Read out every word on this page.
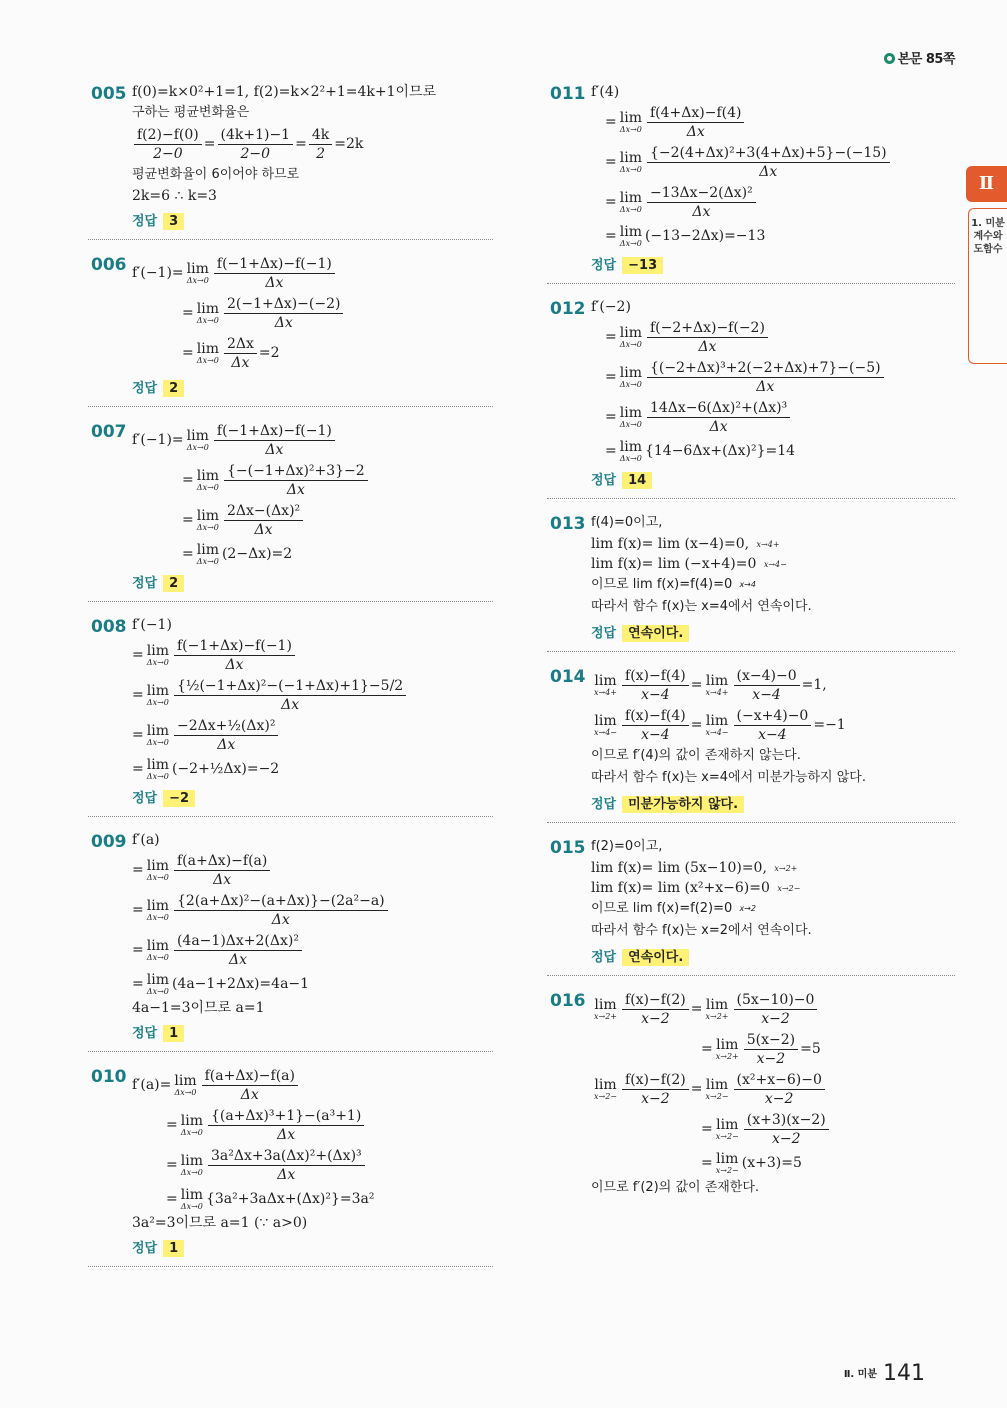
본문 85쪽
Ⅱ
1. 미분계수와 도함수
005 f(0)=k×0²+1=1, f(2)=k×2²+1=4k+1이므로
구하는 평균변화율은
$\frac{f(2)-f(0)}{2-0} = \frac{(4k+1)-1}{2-0} = \frac{4k}{2} =2k$
평균변화율이 6이어야 하므로
2k=6 ∴ k=3
정답 3
006 f′(−1)= lim
$\Delta x\to 0 \frac{f(-1+\Delta x)-f(-1)}{\Delta x}$
= lim
$\Delta x\to 0 \frac{2(-1+\Delta x)-(-2)}{\Delta x}$
= lim
$\Delta x\to 0 \frac{2\Delta x}{\Delta x} =2$
정답 2
007 f′(−1)= lim
$\Delta x\to 0 \frac{f(-1+\Delta x)-f(-1)}{\Delta x}$
= lim
$\Delta x\to 0 \frac{\text{\{−(−1+Δx)²+3\}−2}}{\Delta x}$
= lim
$\Delta x\to 0 \frac{\text{2Δx−(Δx)²}}{\Delta x}$
= lim
Δx→0 (2−Δx)=2
정답 2
008 f′(−1)
= lim
$\Delta x\to 0 \frac{f(-1+\Delta x)-f(-1)}{\Delta x}$
= lim
$\Delta x\to 0 \frac{\text{\{½(−1+Δx)²−(−1+Δx)+1\}−5/2}}{\Delta x}$
= lim
$\Delta x\to 0 \frac{\text{−2Δx+½(Δx)²}}{\Delta x}$
= lim
Δx→0 (−2+½Δx)=−2
정답 −2
009 f′(a)
= lim
$\Delta x\to 0 \frac{f(a+\Delta x)-f(a)}{\Delta x}$
= lim
$\Delta x\to 0 \frac{\text{\{2(a+Δx)²−(a+Δx)\}−(2a²−a)}}{\Delta x}$
= lim
$\Delta x\to 0 \frac{\text{(4a−1)Δx+2(Δx)²}}{\Delta x}$
= lim
Δx→0 (4a−1+2Δx)=4a−1
4a−1=3이므로 a=1
정답 1
010 f′(a)= lim
$\Delta x\to 0 \frac{f(a+\Delta x)-f(a)}{\Delta x}$
= lim
$\Delta x\to 0 \frac{\text{\{(a+Δx)³+1\}−(a³+1)}}{\Delta x}$
= lim
$\Delta x\to 0 \frac{\text{3a²Δx+3a(Δx)²+(Δx)³}}{\Delta x}$
= lim
Δx→0 {3a²+3aΔx+(Δx)²}=3a²
3a²=3이므로 a=1 (∵ a>0)
정답 1
011 f′(4)
= lim
$\Delta x\to 0 \frac{f(4+\Delta x)-f(4)}{\Delta x}$
= lim
$\Delta x\to 0 \frac{\text{\{−2(4+Δx)²+3(4+Δx)+5\}−(−15)}}{\Delta x}$
= lim
$\Delta x\to 0 \frac{\text{−13Δx−2(Δx)²}}{\Delta x}$
= lim
Δx→0 (−13−2Δx)=−13
정답 −13
012 f′(−2)
= lim
$\Delta x\to 0 \frac{f(-2+\Delta x)-f(-2)}{\Delta x}$
= lim
$\Delta x\to 0 \frac{\text{\{(−2+Δx)³+2(−2+Δx)+7\}−(−5)}}{\Delta x}$
= lim
$\Delta x\to 0 \frac{\text{14Δx−6(Δx)²+(Δx)³}}{\Delta x}$
= lim
Δx→0 {14−6Δx+(Δx)²}=14
정답 14
013 f(4)=0이고,
lim f(x)= lim (x−4)=0, x→4+
lim f(x)= lim (−x+4)=0 x→4−
이므로 lim f(x)=f(4)=0 x→4
따라서 함수 f(x)는 x=4에서 연속이다.
정답 연속이다.
014 lim
$x\to 4+ \frac{f(x)-f(4)}{x-4} = \lim$
$x\to 4+ \frac{(x-4)-0}{x-4} =1$,
lim
$x\to 4- \frac{f(x)-f(4)}{x-4} = \lim$
$x\to 4- \frac{(-x+4)-0}{x-4} =-1$
이므로 f′(4)의 값이 존재하지 않는다.
따라서 함수 f(x)는 x=4에서 미분가능하지 않다.
정답 미분가능하지 않다.
015 f(2)=0이고,
lim f(x)= lim (5x−10)=0, x→2+
lim f(x)= lim (x²+x−6)=0 x→2−
이므로 lim f(x)=f(2)=0 x→2
따라서 함수 f(x)는 x=2에서 연속이다.
정답 연속이다.
016 lim
$x\to 2+ \frac{f(x)-f(2)}{x-2} = \lim$
$x\to 2+ \frac{(5x-10)-0}{x-2}$
= lim
$x\to 2+ \frac{5(x-2)}{x-2} =5$
lim
$x\to 2- \frac{f(x)-f(2)}{x-2} = \lim$
$x\to 2- \frac{\text{(x²+x−6)−0}}{x-2}$
= lim
$x\to 2- \frac{(x+3)(x-2)}{x-2}$
= lim
x→2− (x+3)=5
이므로 f′(2)의 값이 존재한다.
Ⅱ. 미분 141
